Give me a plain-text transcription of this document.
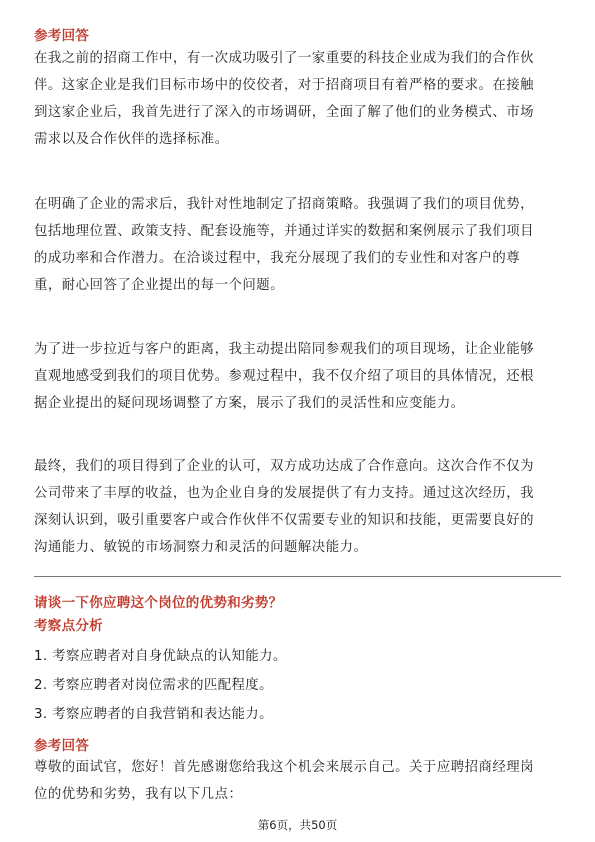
参考回答
在我之前的招商工作中，有一次成功吸引了一家重要的科技企业成为我们的合作伙
伴。这家企业是我们目标市场中的佼佼者，对于招商项目有着严格的要求。在接触
到这家企业后，我首先进行了深入的市场调研，全面了解了他们的业务模式、市场
需求以及合作伙伴的选择标准。
在明确了企业的需求后，我针对性地制定了招商策略。我强调了我们的项目优势，
包括地理位置、政策支持、配套设施等，并通过详实的数据和案例展示了我们项目
的成功率和合作潜力。在洽谈过程中，我充分展现了我们的专业性和对客户的尊
重，耐心回答了企业提出的每一个问题。
为了进一步拉近与客户的距离，我主动提出陪同参观我们的项目现场，让企业能够
直观地感受到我们的项目优势。参观过程中，我不仅介绍了项目的具体情况，还根
据企业提出的疑问现场调整了方案，展示了我们的灵活性和应变能力。
最终，我们的项目得到了企业的认可，双方成功达成了合作意向。这次合作不仅为
公司带来了丰厚的收益，也为企业自身的发展提供了有力支持。通过这次经历，我
深刻认识到，吸引重要客户或合作伙伴不仅需要专业的知识和技能，更需要良好的
沟通能力、敏锐的市场洞察力和灵活的问题解决能力。
请谈一下你应聘这个岗位的优势和劣势？
考察点分析
1. 考察应聘者对自身优缺点的认知能力。
2. 考察应聘者对岗位需求的匹配程度。
3. 考察应聘者的自我营销和表达能力。
参考回答
尊敬的面试官，您好！首先感谢您给我这个机会来展示自己。关于应聘招商经理岗
位的优势和劣势，我有以下几点：
第6页，共50页
